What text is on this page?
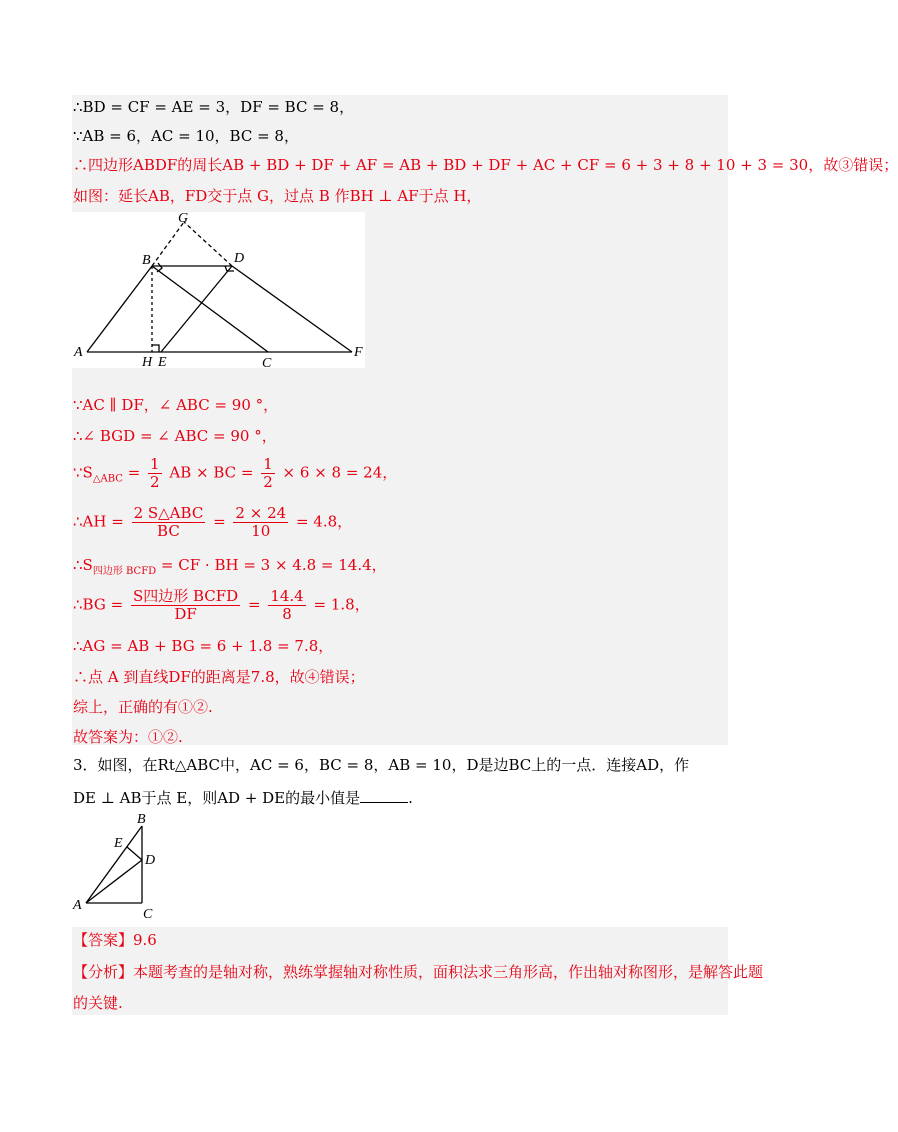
∴BD = CF = AE = 3，DF = BC = 8，
∵AB = 6，AC = 10，BC = 8，
∴四边形ABDF的周长AB + BD + DF + AF = AB + BD + DF + AC + CF = 6 + 3 + 8 + 10 + 3 = 30，故③错误；
如图：延长AB，FD交于点 G，过点 B 作BH ⊥ AF于点 H，
G
B	D
A
H E	C
F
∵AC ∥ DF，∠ ABC = 90 °，
∴∠ BGD = ∠ ABC = 90 °，
$\because S_{\triangle ABC} = \frac{1}{2}$ AB × BC = $\frac{1}{2} \times 6 \times 8 = 24$，
∴AH = $\frac{\text{2 S△ABC}}{BC} = \frac{2 \times 24}{10} = 4.8$，
$\therefore S_{四边形 BCFD}$ = CF · BH = 3 × 4.8 = 14.4，
∴BG = $\frac{\text{S四边形 BCFD}}{DF} = \frac{14.4}{8} = 1.8$，
∴AG = AB + BG = 6 + 1.8 = 7.8，
∴点 A 到直线DF的距离是7.8，故④错误；
综上，正确的有①②.
故答案为：①②.
3．如图，在Rt△ABC中，AC = 6，BC = 8，AB = 10，D是边BC上的一点．连接AD，作
DE ⊥ AB于点 E，则AD + DE的最小值是	.
B
E
D
A
C
【答案】9.6
【分析】本题考查的是轴对称，熟练掌握轴对称性质，面积法求三角形高，作出轴对称图形，是解答此题
的关键.
